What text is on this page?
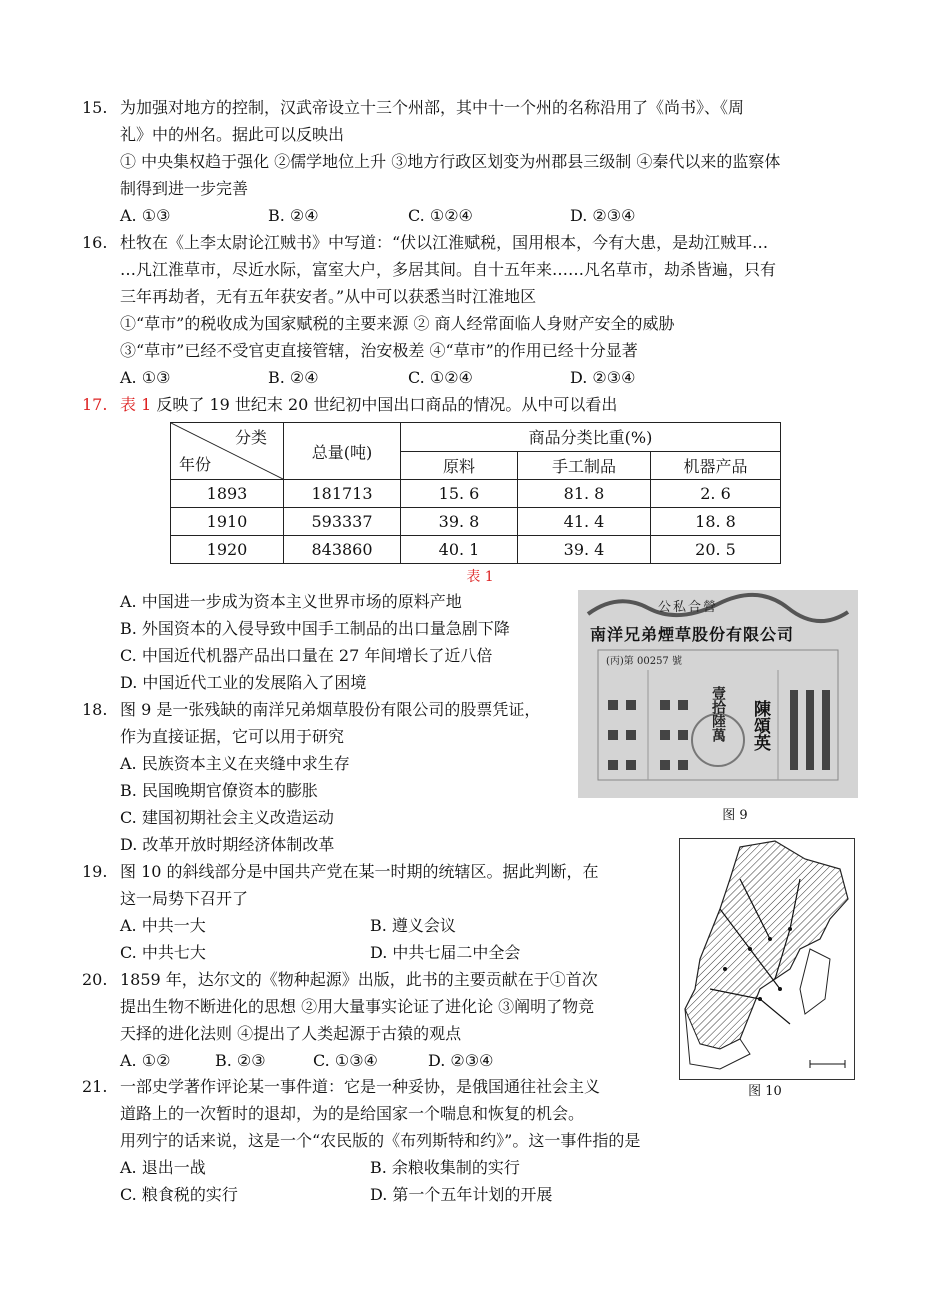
15. 为加强对地方的控制，汉武帝设立十三个州部，其中十一个州的名称沿用了《尚书》、《周
礼》中的州名。据此可以反映出
① 中央集权趋于强化 ②儒学地位上升 ③地方行政区划变为州郡县三级制 ④秦代以来的监察体
制得到进一步完善
A. ①③	B. ②④	C. ①②④	D. ②③④
16. 杜牧在《上李太尉论江贼书》中写道：“伏以江淮赋税，国用根本，今有大患，是劫江贼耳…
…凡江淮草市，尽近水际，富室大户，多居其间。自十五年来……凡名草市，劫杀皆遍，只有
三年再劫者，无有五年获安者。”从中可以获悉当时江淮地区
①“草市”的税收成为国家赋税的主要来源 ② 商人经常面临人身财产安全的威胁
③“草市”已经不受官吏直接管辖，治安极差 ④“草市”的作用已经十分显著
A. ①③	B. ②④	C. ①②④	D. ②③④
17. 表 1 反映了 19 世纪末 20 世纪初中国出口商品的情况。从中可以看出
分类
年份	总量(吨)	商品分类比重(%)		
		原料	手工制品	机器产品
1893	181713	15. 6	81. 8	2. 6
1910	593337	39. 8	41. 4	18. 8
1920	843860	40. 1	39. 4	20. 5
表 1
A. 中国进一步成为资本主义世界市场的原料产地
B. 外国资本的入侵导致中国手工制品的出口量急剧下降
C. 中国近代机器产品出口量在 27 年间增长了近八倍
D. 中国近代工业的发展陷入了困境
18. 图 9 是一张残缺的南洋兄弟烟草股份有限公司的股票凭证，
作为直接证据，它可以用于研究
A. 民族资本主义在夹缝中求生存
B. 民国晚期官僚资本的膨胀
C. 建国初期社会主义改造运动
D. 改革开放时期经济体制改革
公私合營
南洋兄弟煙草股份有限公司
(丙)第 00257 號
壹拾陸萬 陳頌英
图 9
19. 图 10 的斜线部分是中国共产党在某一时期的统辖区。据此判断，在
这一局势下召开了
A. 中共一大	B. 遵义会议
C. 中共七大	D. 中共七届二中全会
图 10
20. 1859 年，达尔文的《物种起源》出版，此书的主要贡献在于①首次
提出生物不断进化的思想 ②用大量事实论证了进化论 ③阐明了物竞
天择的进化法则 ④提出了人类起源于古猿的观点
A. ①②	B. ②③	C. ①③④	D. ②③④
21. 一部史学著作评论某一事件道：它是一种妥协，是俄国通往社会主义
道路上的一次暂时的退却，为的是给国家一个喘息和恢复的机会。
用列宁的话来说，这是一个“农民版的《布列斯特和约》”。这一事件指的是
A. 退出一战	B. 余粮收集制的实行
C. 粮食税的实行	D. 第一个五年计划的开展
